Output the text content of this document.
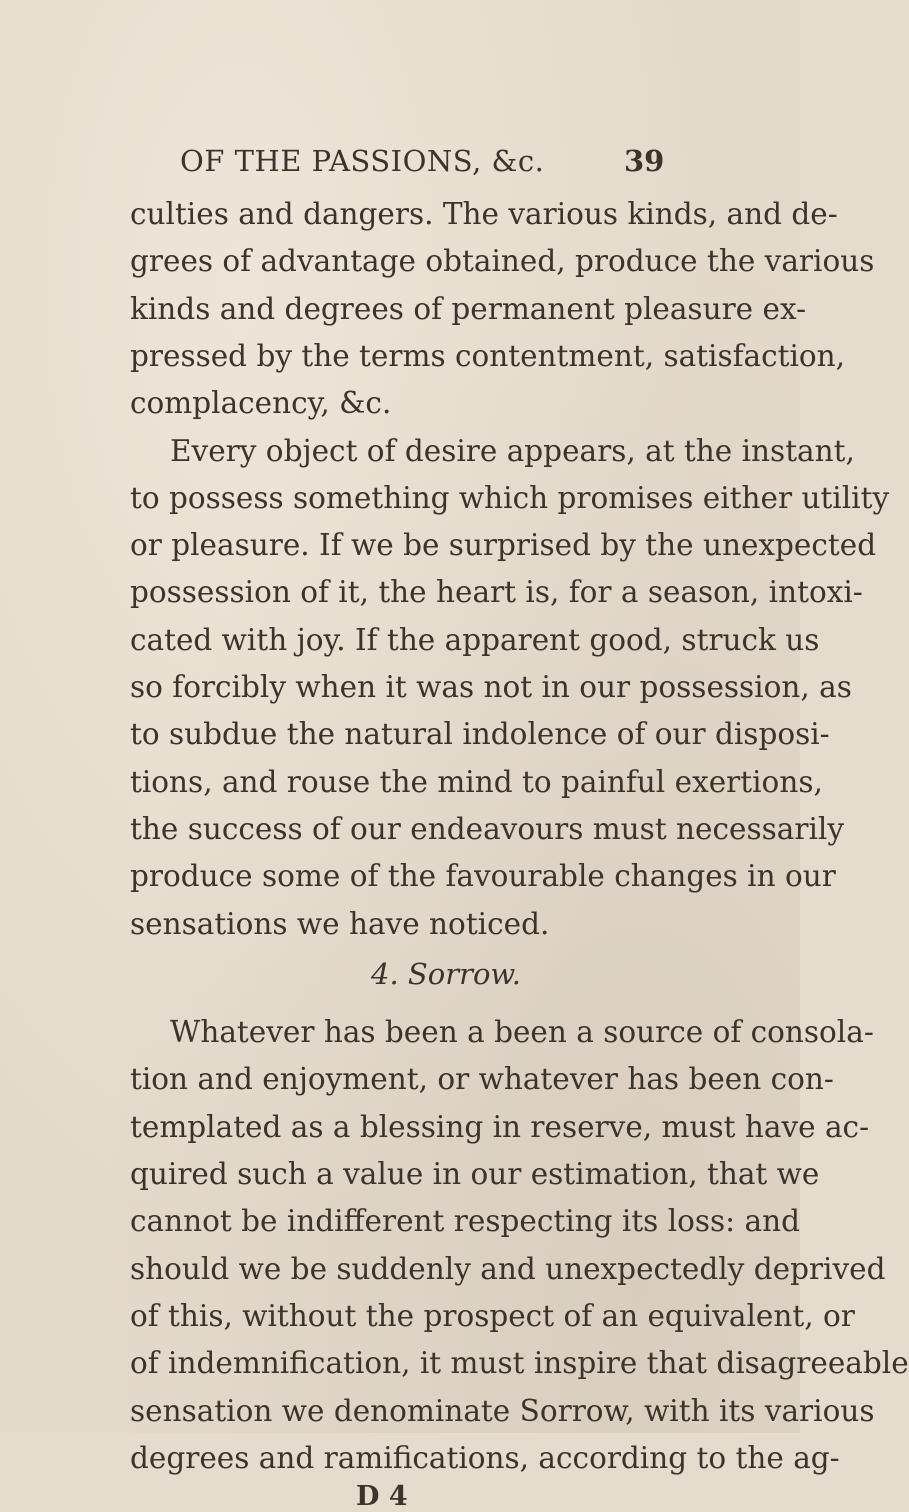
OF THE PASSIONS, &c.	39
culties and dangers. The various kinds, and de-
grees of advantage obtained, produce the various
kinds and degrees of permanent pleasure ex-
pressed by the terms contentment, satisfaction,
complacency, &c.
Every object of desire appears, at the instant,
to possess something which promises either utility
or pleasure. If we be surprised by the unexpected
possession of it, the heart is, for a season, intoxi-
cated with joy. If the apparent good, struck us
so forcibly when it was not in our possession, as
to subdue the natural indolence of our disposi-
tions, and rouse the mind to painful exertions,
the success of our endeavours must necessarily
produce some of the favourable changes in our
sensations we have noticed.
4. Sorrow.
Whatever has been a been a source of consola-
tion and enjoyment, or whatever has been con-
templated as a blessing in reserve, must have ac-
quired such a value in our estimation, that we
cannot be indifferent respecting its loss: and
should we be suddenly and unexpectedly deprived
of this, without the prospect of an equivalent, or
of indemnification, it must inspire that disagreeable
sensation we denominate Sorrow, with its various
degrees and ramifications, according to the ag-
D 4
